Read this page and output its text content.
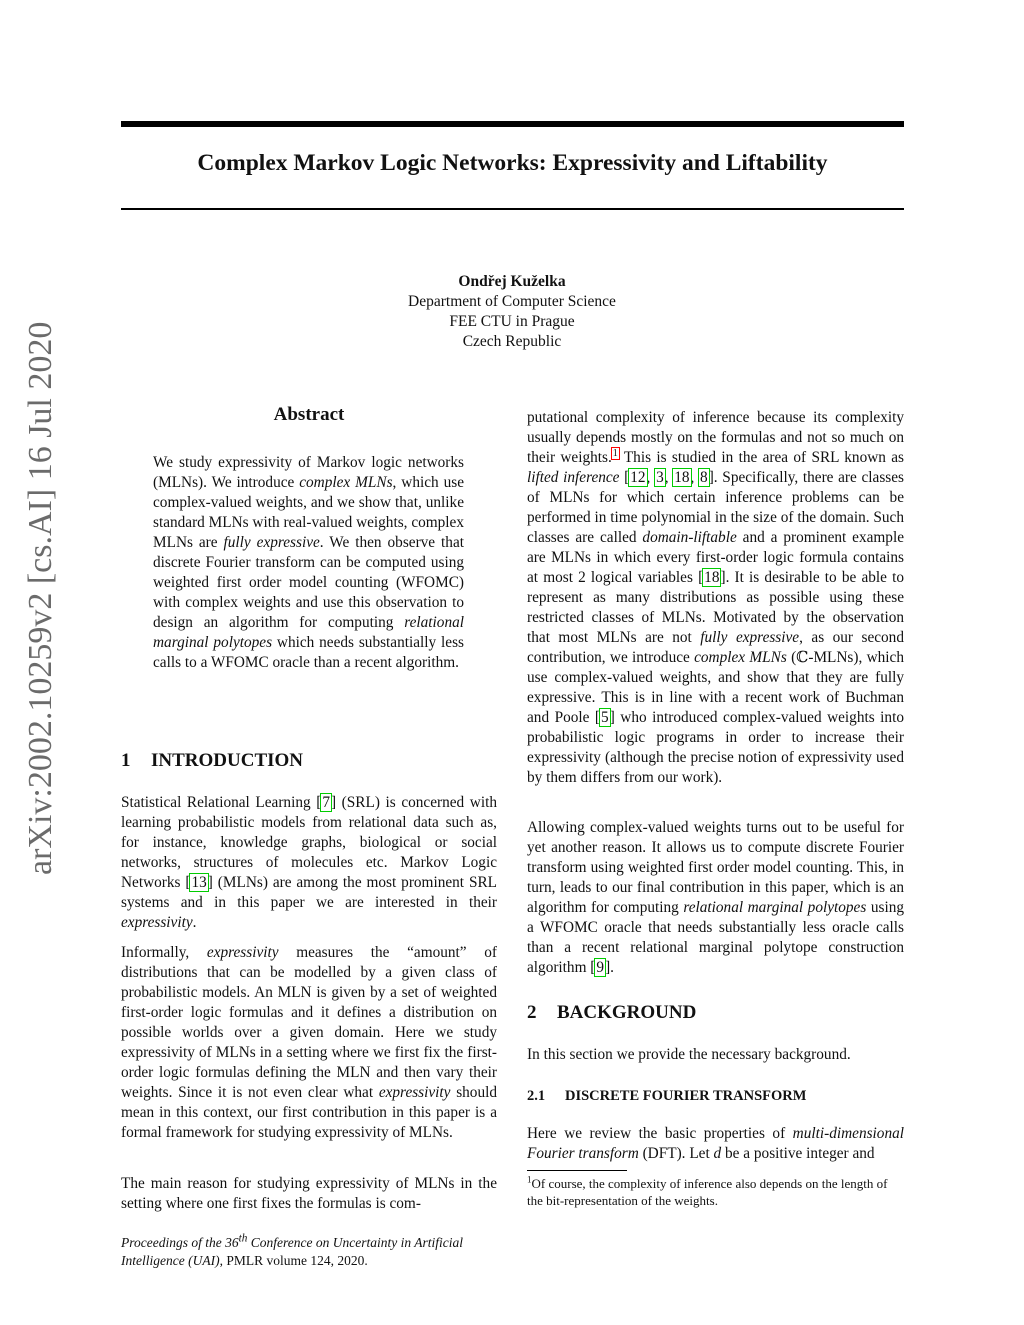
Complex Markov Logic Networks: Expressivity and Liftability
Ondřej Kuželka
Department of Computer Science
FEE CTU in Prague
Czech Republic
arXiv:2002.10259v2 [cs.AI] 16 Jul 2020	Abstract

We study expressivity of Markov logic networks (MLNs). We introduce complex MLNs, which use complex-valued weights, and we show that, unlike standard MLNs with real-valued weights, complex MLNs are fully expressive. We then observe that discrete Fourier transform can be computed using weighted first order model counting (WFOMC) with complex weights and use this observation to design an algorithm for computing relational marginal polytopes which needs substantially less calls to a WFOMC oracle than a recent algorithm.

1 INTRODUCTION

Statistical Relational Learning [7] (SRL) is concerned with learning probabilistic models from relational data such as, for instance, knowledge graphs, biological or social networks, structures of molecules etc. Markov Logic Networks [13] (MLNs) are among the most prominent SRL systems and in this paper we are interested in their expressivity.

Informally, expressivity measures the “amount” of distributions that can be modelled by a given class of probabilistic models. An MLN is given by a set of weighted first-order logic formulas and it defines a distribution on possible worlds over a given domain. Here we study expressivity of MLNs in a setting where we first fix the first-order logic formulas defining the MLN and then vary their weights. Since it is not even clear what expressivity should mean in this context, our first contribution in this paper is a formal framework for studying expressivity of MLNs.

The main reason for studying expressivity of MLNs in the setting where one first fixes the formulas is com-

Proceedings of the 36th Conference on Uncertainty in Artificial Intelligence (UAI), PMLR volume 124, 2020.

putational complexity of inference because its complexity usually depends mostly on the formulas and not so much on their weights.$^1$ This is studied in the area of SRL known as lifted inference [12, 3, 18, 8]. Specifically, there are classes of MLNs for which certain inference problems can be performed in time polynomial in the size of the domain. Such classes are called domain-liftable and a prominent example are MLNs in which every first-order logic formula contains at most 2 logical variables [18]. It is desirable to be able to represent as many distributions as possible using these restricted classes of MLNs. Motivated by the observation that most MLNs are not fully expressive, as our second contribution, we introduce complex MLNs (ℂ-MLNs), which use complex-valued weights, and show that they are fully expressive. This is in line with a recent work of Buchman and Poole [5] who introduced complex-valued weights into probabilistic logic programs in order to increase their expressivity (although the precise notion of expressivity used by them differs from our work).

Allowing complex-valued weights turns out to be useful for yet another reason. It allows us to compute discrete Fourier transform using weighted first order model counting. This, in turn, leads to our final contribution in this paper, which is an algorithm for computing relational marginal polytopes using a WFOMC oracle that needs substantially less oracle calls than a recent relational marginal polytope construction algorithm [9].

2 BACKGROUND
In this section we provide the necessary background.
2.1 DISCRETE FOURIER TRANSFORM

Here we review the basic properties of multi-dimensional Fourier transform (DFT). Let d be a positive integer and

$^1$Of course, the complexity of inference also depends on the length of the bit-representation of the weights.
